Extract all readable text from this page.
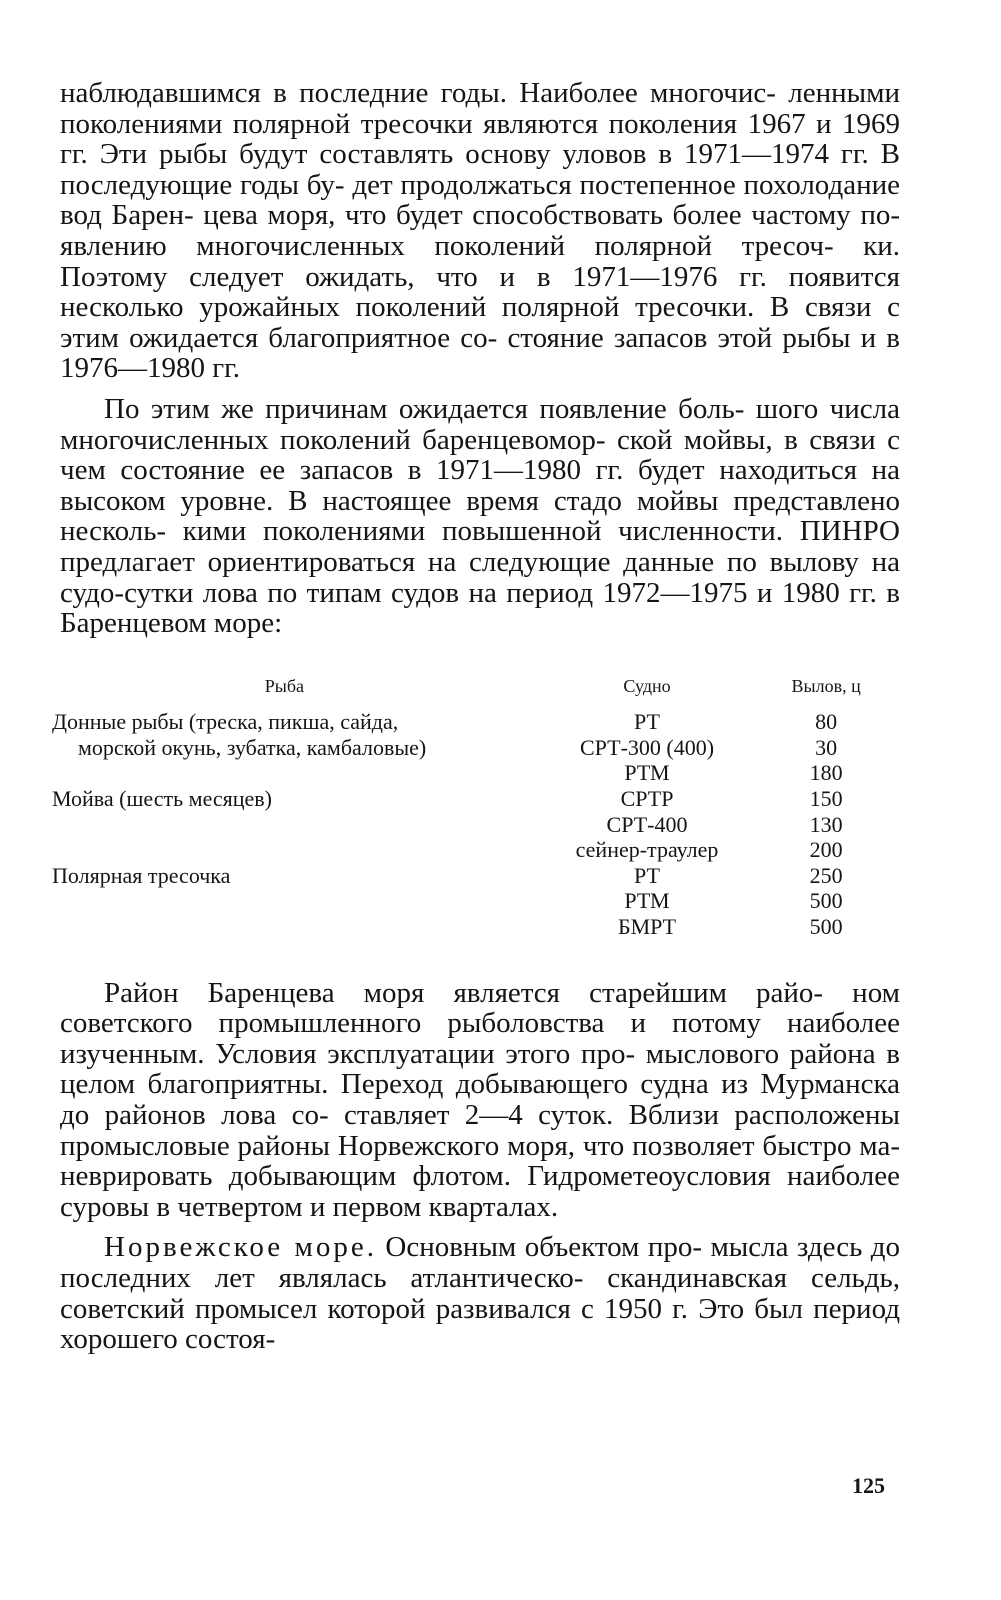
наблюдавшимся в последние годы. Наиболее многочис- ленными поколениями полярной тресочки являются поколения 1967 и 1969 гг. Эти рыбы будут составлять основу уловов в 1971—1974 гг. В последующие годы бу- дет продолжаться постепенное похолодание вод Барен- цева моря, что будет способствовать более частому по- явлению многочисленных поколений полярной тресоч- ки. Поэтому следует ожидать, что и в 1971—1976 гг. появится несколько урожайных поколений полярной тресочки. В связи с этим ожидается благоприятное со- стояние запасов этой рыбы и в 1976—1980 гг.

По этим же причинам ожидается появление боль- шого числа многочисленных поколений баренцевомор- ской мойвы, в связи с чем состояние ее запасов в 1971—1980 гг. будет находиться на высоком уровне. В настоящее время стадо мойвы представлено несколь- кими поколениями повышенной численности. ПИНРО предлагает ориентироваться на следующие данные по вылову на судо-сутки лова по типам судов на период 1972—1975 и 1980 гг. в Баренцевом море:

Рыба	Судно	Вылов, ц
Донные рыбы (треска, пикша, сайда,	РТ	80
морской окунь, зубатка, камбаловые)	СРТ-300 (400)	30
	РТМ	180
Мойва (шесть месяцев)	СРТР	150
	СРТ-400	130
	сейнер-траулер	200
Полярная тресочка	РТ	250
	РТМ	500
	БМРТ	500

Район Баренцева моря является старейшим райо- ном советского промышленного рыболовства и потому наиболее изученным. Условия эксплуатации этого про- мыслового района в целом благоприятны. Переход добывающего судна из Мурманска до районов лова со- ставляет 2—4 суток. Вблизи расположены промысловые районы Норвежского моря, что позволяет быстро ма- неврировать добывающим флотом. Гидрометеоусловия наиболее суровы в четвертом и первом кварталах.

Норвежское море. Основным объектом про- мысла здесь до последних лет являлась атлантическо- скандинавская сельдь, советский промысел которой развивался с 1950 г. Это был период хорошего состоя-

125
